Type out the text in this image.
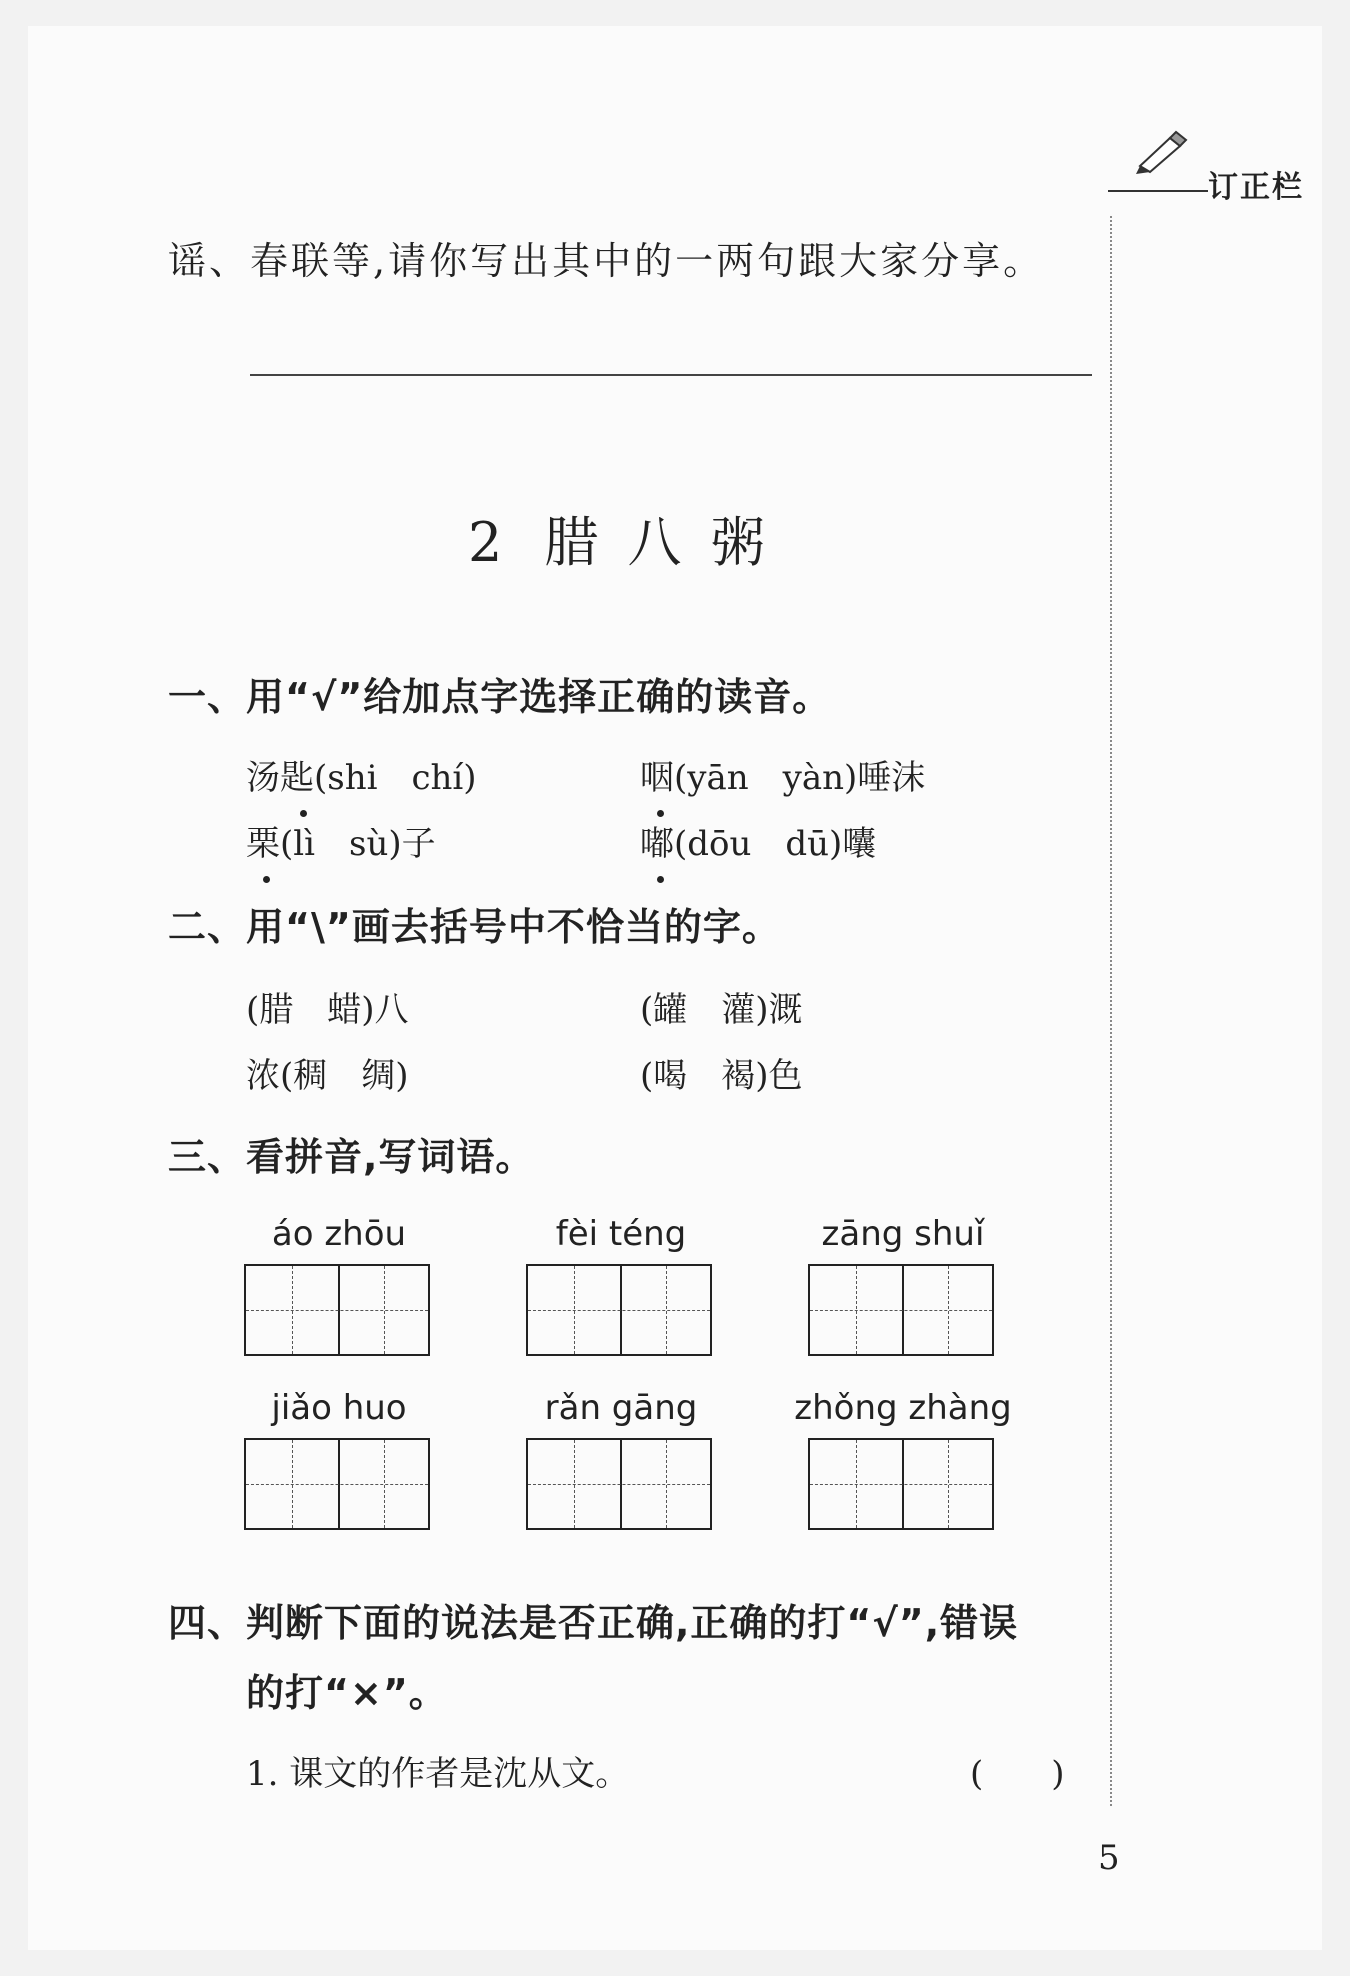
订正栏
谣、春联等,请你写出其中的一两句跟大家分享。
2 腊 八 粥
一、用“√”给加点字选择正确的读音。
汤匙(shi　chí)	咽(yān　yàn)唾沫
栗(lì　sù)子	嘟(dōu　dū)囔
二、用“\”画去括号中不恰当的字。
(腊　蜡)八	(罐　灌)溉
浓(稠　绸)	(喝　褐)色
三、看拼音,写词语。
áo zhōu	fèi téng	zāng shuǐ
jiǎo huo	rǎn gāng	zhǒng zhàng
四、判断下面的说法是否正确,正确的打“√”,错误
的打“×”。
1. 课文的作者是沈从文。	(　　)
5
